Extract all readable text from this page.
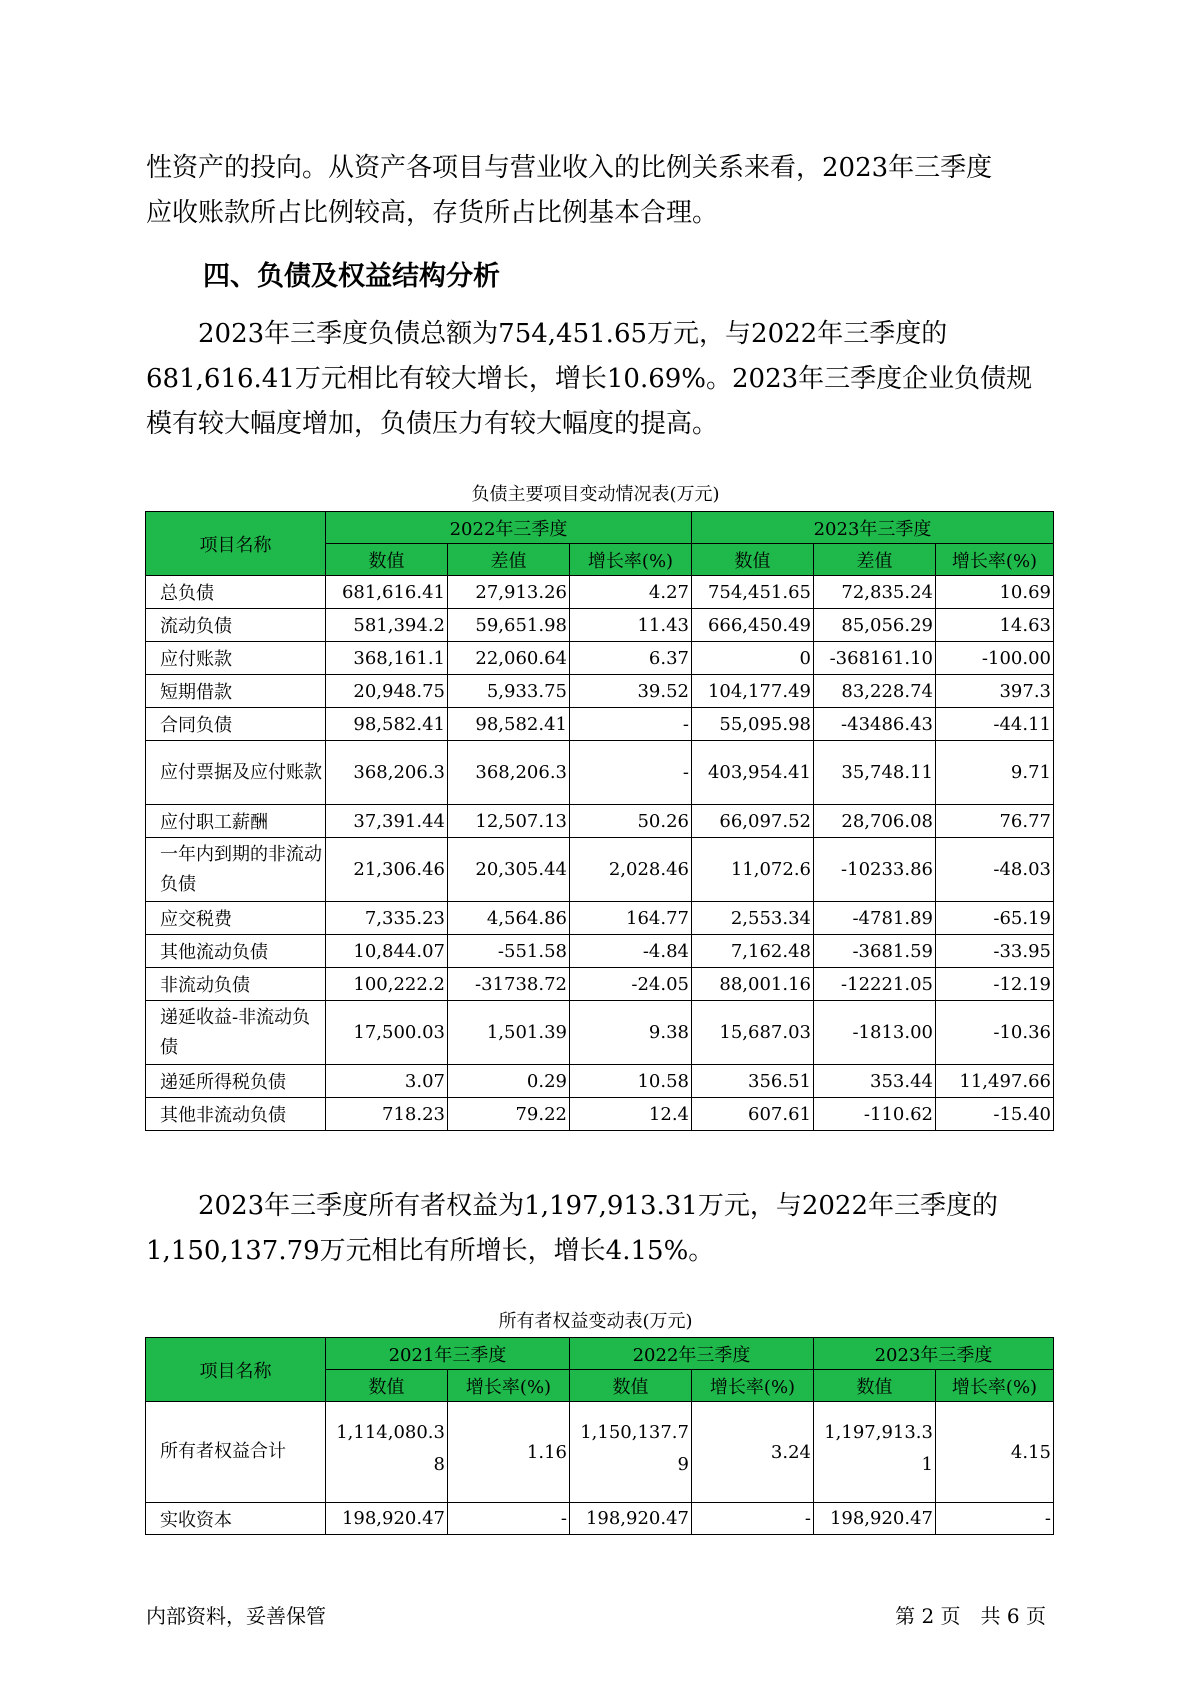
性资产的投向。从资产各项目与营业收入的比例关系来看，2023年三季度

应收账款所占比例较高，存货所占比例基本合理。

四、负债及权益结构分析

　　2023年三季度负债总额为754,451.65万元，与2022年三季度的

681,616.41万元相比有较大增长，增长10.69%。2023年三季度企业负债规

模有较大幅度增加，负债压力有较大幅度的提高。

负债主要项目变动情况表(万元)
项目名称	2022年三季度			2023年三季度		
	数值	差值	增长率(%)	数值	差值	增长率(%)
总负债	681,616.41	27,913.26	4.27	754,451.65	72,835.24	10.69
流动负债	581,394.2	59,651.98	11.43	666,450.49	85,056.29	14.63
应付账款	368,161.1	22,060.64	6.37	0	-368161.10	-100.00
短期借款	20,948.75	5,933.75	39.52	104,177.49	83,228.74	397.3
合同负债	98,582.41	98,582.41	-	55,095.98	-43486.43	-44.11
应付票据及应付账款	368,206.3	368,206.3	-	403,954.41	35,748.11	9.71
应付职工薪酬	37,391.44	12,507.13	50.26	66,097.52	28,706.08	76.77
一年内到期的非流动负债	21,306.46	20,305.44	2,028.46	11,072.6	-10233.86	-48.03
应交税费	7,335.23	4,564.86	164.77	2,553.34	-4781.89	-65.19
其他流动负债	10,844.07	-551.58	-4.84	7,162.48	-3681.59	-33.95
非流动负债	100,222.2	-31738.72	-24.05	88,001.16	-12221.05	-12.19
递延收益-非流动负债	17,500.03	1,501.39	9.38	15,687.03	-1813.00	-10.36
递延所得税负债	3.07	0.29	10.58	356.51	353.44	11,497.66
其他非流动负债	718.23	79.22	12.4	607.61	-110.62	-15.40

　　2023年三季度所有者权益为1,197,913.31万元，与2022年三季度的

1,150,137.79万元相比有所增长，增长4.15%。

所有者权益变动表(万元)
项目名称	2021年三季度		2022年三季度		2023年三季度	
	数值	增长率(%)	数值	增长率(%)	数值	增长率(%)
所有者权益合计	1,114,080.38	1.16	1,150,137.79	3.24	1,197,913.31	4.15
实收资本	198,920.47	-	198,920.47	-	198,920.47	-
内部资料，妥善保管	第 2 页　共 6 页
